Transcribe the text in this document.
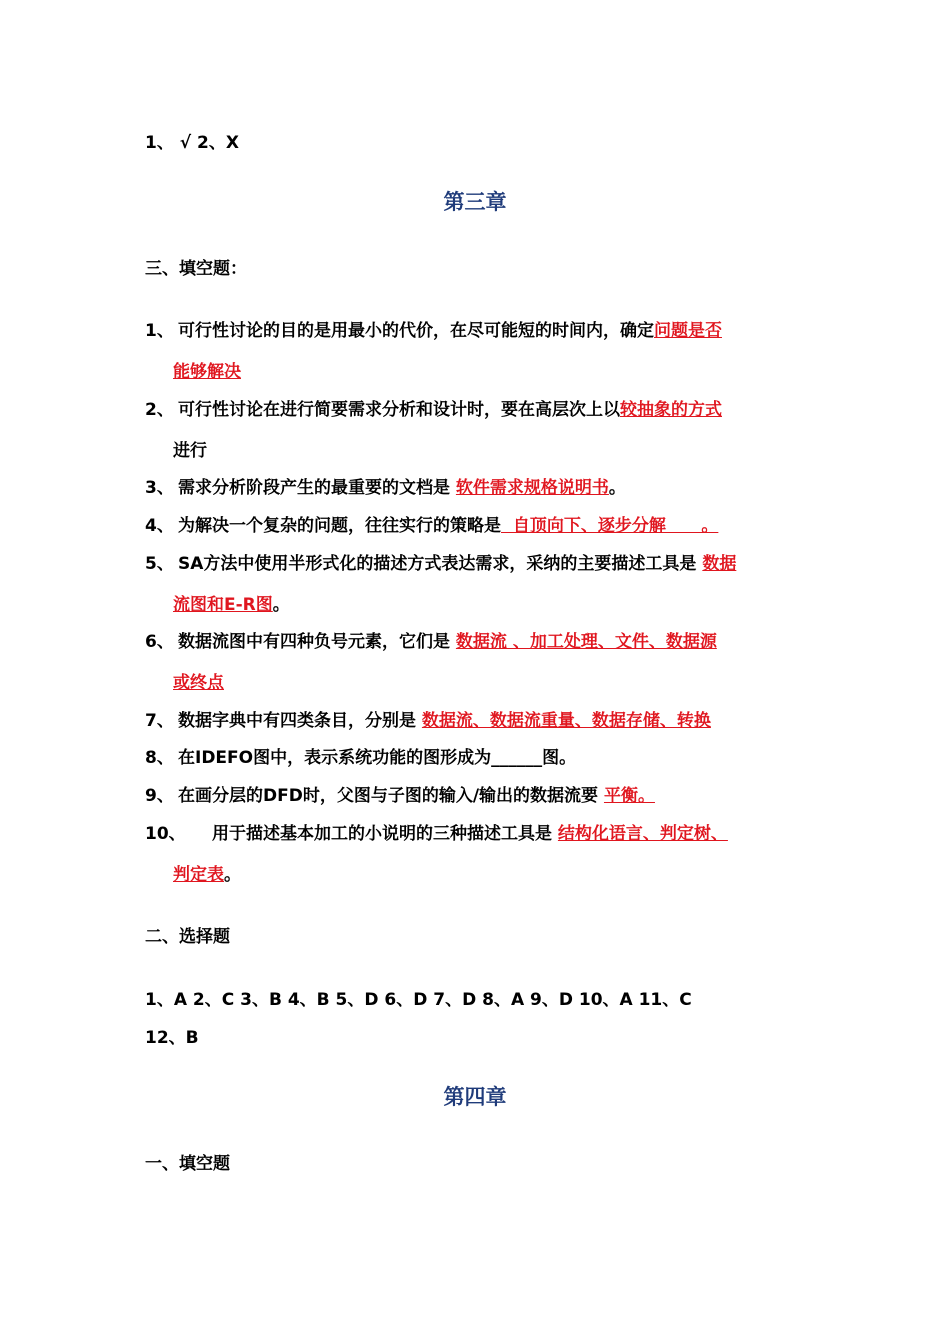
1、 √ 2、X
第三章
三、填空题：
1、 可行性讨论的目的是用最小的代价，在尽可能短的时间内，确定问题是否
能够解决
2、 可行性讨论在进行简要需求分析和设计时，要在高层次上以较抽象的方式
进行
3、 需求分析阶段产生的最重要的文档是 软件需求规格说明书。
4、 为解决一个复杂的问题，往往实行的策略是  自顶向下、逐步分解      。
5、 SA方法中使用半形式化的描述方式表达需求，采纳的主要描述工具是 数据
流图和E-R图。
6、 数据流图中有四种负号元素，它们是 数据流 、加工处理、文件、数据源
或终点
7、 数据字典中有四类条目，分别是 数据流、数据流重量、数据存储、转换
8、 在IDEFO图中，表示系统功能的图形成为______图。
9、 在画分层的DFD时，父图与子图的输入/输出的数据流要 平衡。
10、 用于描述基本加工的小说明的三种描述工具是 结构化语言、判定树、
判定表。
二、选择题
1、A 2、C 3、B 4、B 5、D 6、D 7、D 8、A 9、D 10、A 11、C
12、B
第四章
一、填空题
